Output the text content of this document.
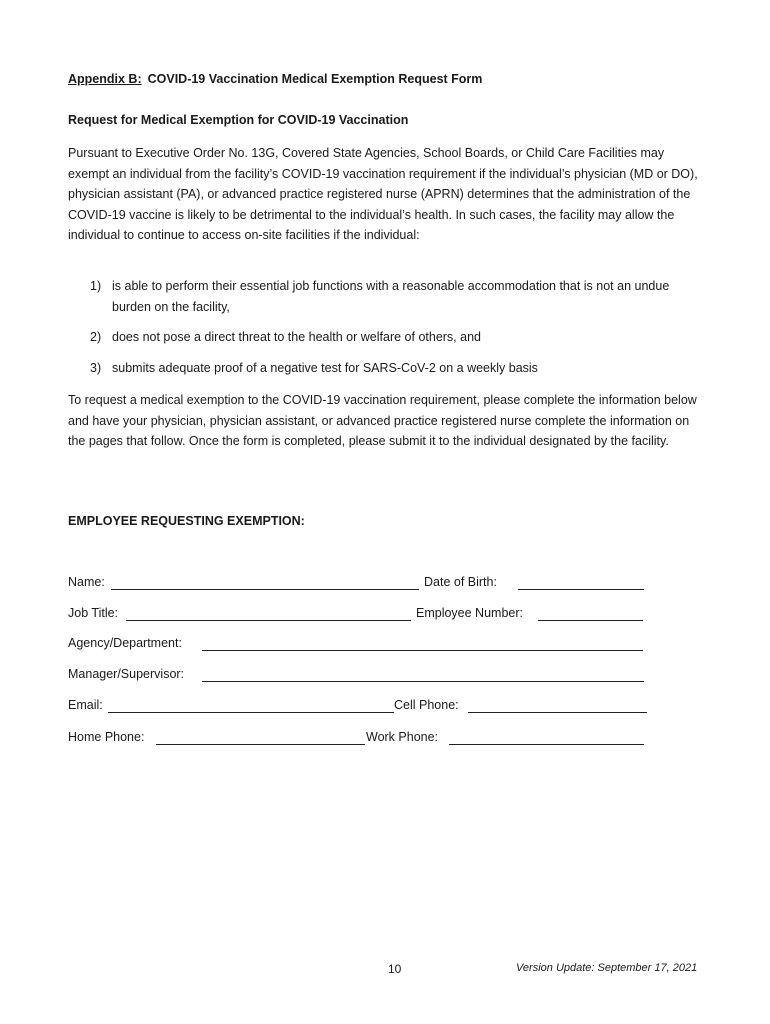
Appendix B: COVID-19 Vaccination Medical Exemption Request Form
Request for Medical Exemption for COVID-19 Vaccination

Pursuant to Executive Order No. 13G, Covered State Agencies, School Boards, or Child Care Facilities may exempt an individual from the facility’s COVID-19 vaccination requirement if the individual’s physician (MD or DO), physician assistant (PA), or advanced practice registered nurse (APRN) determines that the administration of the COVID-19 vaccine is likely to be detrimental to the individual’s health. In such cases, the facility may allow the individual to continue to access on-site facilities if the individual:

1) is able to perform their essential job functions with a reasonable accommodation that is not an undue burden on the facility,
2) does not pose a direct threat to the health or welfare of others, and
3) submits adequate proof of a negative test for SARS-CoV-2 on a weekly basis

To request a medical exemption to the COVID-19 vaccination requirement, please complete the information below and have your physician, physician assistant, or advanced practice registered nurse complete the information on the pages that follow. Once the form is completed, please submit it to the individual designated by the facility.

EMPLOYEE REQUESTING EXEMPTION:
Name:	Date of Birth:
Job Title:	Employee Number:
Agency/Department:
Manager/Supervisor:
Email:	Cell Phone:
Home Phone:	Work Phone:
10	Version Update: September 17, 2021
